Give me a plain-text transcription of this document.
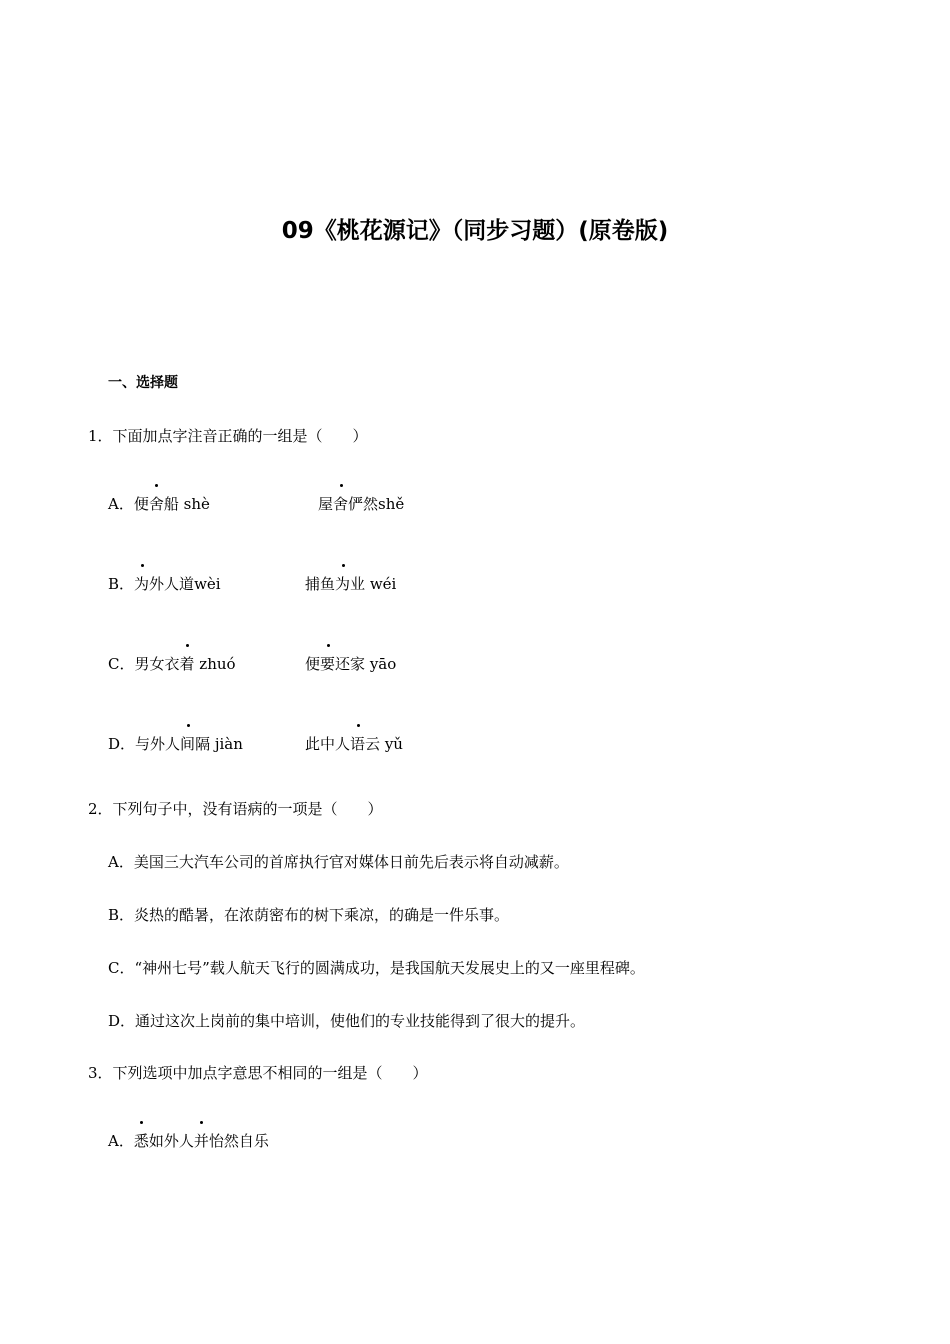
09《桃花源记》（同步习题）(原卷版)
一、选择题
1．下面加点字注音正确的一组是（　　）
A．便舍船 shè	屋舍俨然shě
B．为外人道wèi	捕鱼为业 wéi
C．男女衣着 zhuó	便要还家 yāo
D．与外人间隔 jiàn	此中人语云 yǔ
2．下列句子中，没有语病的一项是（　　）
A．美国三大汽车公司的首席执行官对媒体日前先后表示将自动减薪。
B．炎热的酷暑，在浓荫密布的树下乘凉，的确是一件乐事。
C．“神州七号”载人航天飞行的圆满成功，是我国航天发展史上的又一座里程碑。
D．通过这次上岗前的集中培训，使他们的专业技能得到了很大的提升。
3．下列选项中加点字意思不相同的一组是（　　）
A．悉如外人并怡然自乐
